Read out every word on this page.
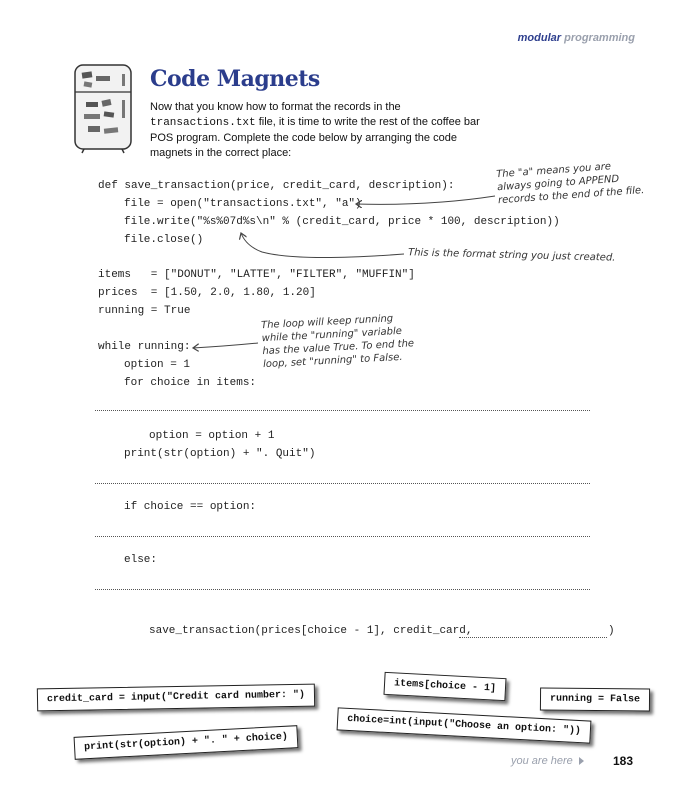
modular programming
Code Magnets
Now that you know how to format the records in the transactions.txt file, it is time to write the rest of the coffee bar POS program. Complete the code below by arranging the code magnets in the correct place:
def save_transaction(price, credit_card, description):
file = open("transactions.txt", "a")
file.write("%s%07d%s\n" % (credit_card, price * 100, description))
file.close()
items   = ["DONUT", "LATTE", "FILTER", "MUFFIN"]
prices  = [1.50, 2.0, 1.80, 1.20]
running = True
while running:
option = 1
for choice in items:
option = option + 1
print(str(option) + ". Quit")
if choice == option:
else:
save_transaction(prices[choice - 1], credit_card,	)
The "a" means you are always going to APPEND records to the end of the file.
This is the format string you just created.
The loop will keep running while the "running" variable has the value True. To end the loop, set "running" to False.
credit_card = input("Credit card number: ")
items[choice - 1]
running = False
choice=int(input("Choose an option: "))
print(str(option) + ". " + choice)
you are here	183
